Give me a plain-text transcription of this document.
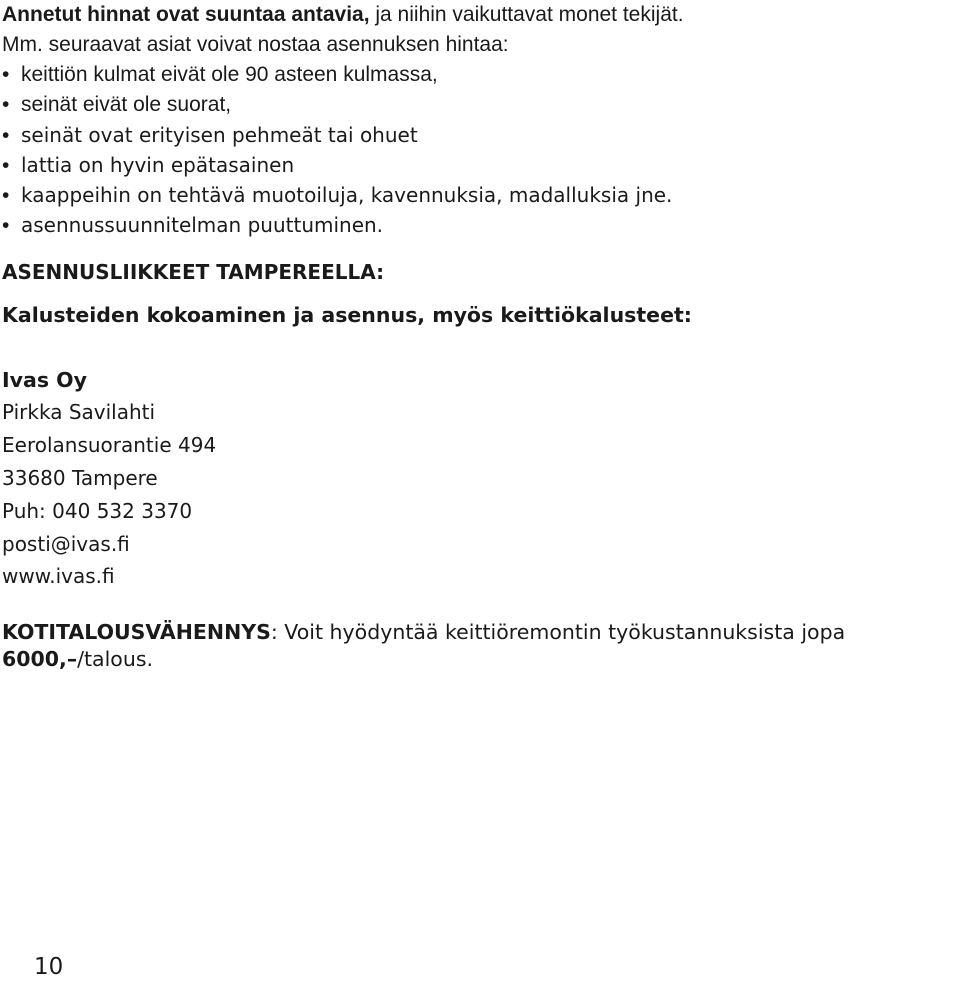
Annetut hinnat ovat suuntaa antavia, ja niihin vaikuttavat monet tekijät.

Mm. seuraavat asiat voivat nostaa asennuksen hintaa:

• keittiön kulmat eivät ole 90 asteen kulmassa,
• seinät eivät ole suorat,
• seinät ovat erityisen pehmeät tai ohuet
• lattia on hyvin epätasainen
• kaappeihin on tehtävä muotoiluja, kavennuksia, madalluksia jne.
• asennussuunnitelman puuttuminen.
ASENNUSLIIKKEET TAMPEREELLA:
Kalusteiden kokoaminen ja asennus, myös keittiökalusteet:
Ivas Oy
Pirkka Savilahti
Eerolansuorantie 494
33680 Tampere
Puh: 040 532 3370
posti@ivas.fi
www.ivas.fi
KOTITALOUSVÄHENNYS: Voit hyödyntää keittiöremontin työkustannuksista jopa
6000,–/talous.
10
